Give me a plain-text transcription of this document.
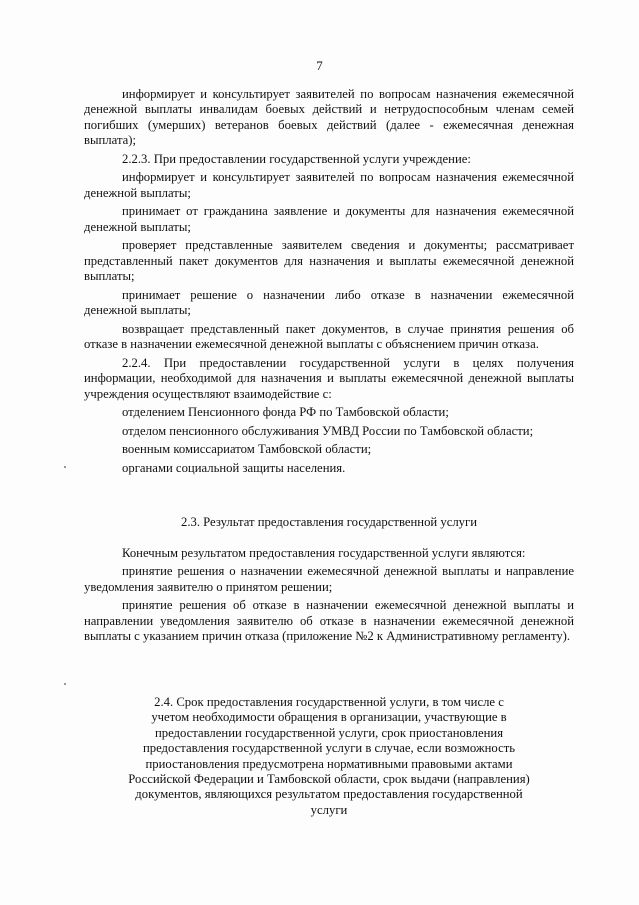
7

информирует и консультирует заявителей по вопросам назначения ежемесячной денежной выплаты инвалидам боевых действий и нетрудоспособным членам семей погибших (умерших) ветеранов боевых действий (далее - ежемесячная денежная выплата);

2.2.3. При предоставлении государственной услуги учреждение:

информирует и консультирует заявителей по вопросам назначения ежемесячной денежной выплаты;

принимает от гражданина заявление и документы для назначения ежемесячной денежной выплаты;

проверяет представленные заявителем сведения и документы; рассматривает представленный пакет документов для назначения и выплаты ежемесячной денежной выплаты;

принимает решение о назначении либо отказе в назначении ежемесячной денежной выплаты;

возвращает представленный пакет документов, в случае принятия решения об отказе в назначении ежемесячной денежной выплаты с объяснением причин отказа.

2.2.4. При предоставлении государственной услуги в целях получения информации, необходимой для назначения и выплаты ежемесячной денежной выплаты учреждения осуществляют взаимодействие с:

отделением Пенсионного фонда РФ по Тамбовской области;

отделом пенсионного обслуживания УМВД России по Тамбовской области;

военным комиссариатом Тамбовской области;

органами социальной защиты населения.

2.3. Результат предоставления государственной услуги

Конечным результатом предоставления государственной услуги являются:

принятие решения о назначении ежемесячной денежной выплаты и направление уведомления заявителю о принятом решении;

принятие решения об отказе в назначении ежемесячной денежной выплаты и направлении уведомления заявителю об отказе в назначении ежемесячной денежной выплаты с указанием причин отказа (приложение №2 к Административному регламенту).

2.4. Срок предоставления государственной услуги, в том числе с
учетом необходимости обращения в организации, участвующие в
предоставлении государственной услуги, срок приостановления
предоставления государственной услуги в случае, если возможность
приостановления предусмотрена нормативными правовыми актами
Российской Федерации и Тамбовской области, срок выдачи (направления)
документов, являющихся результатом предоставления государственной
услуги
